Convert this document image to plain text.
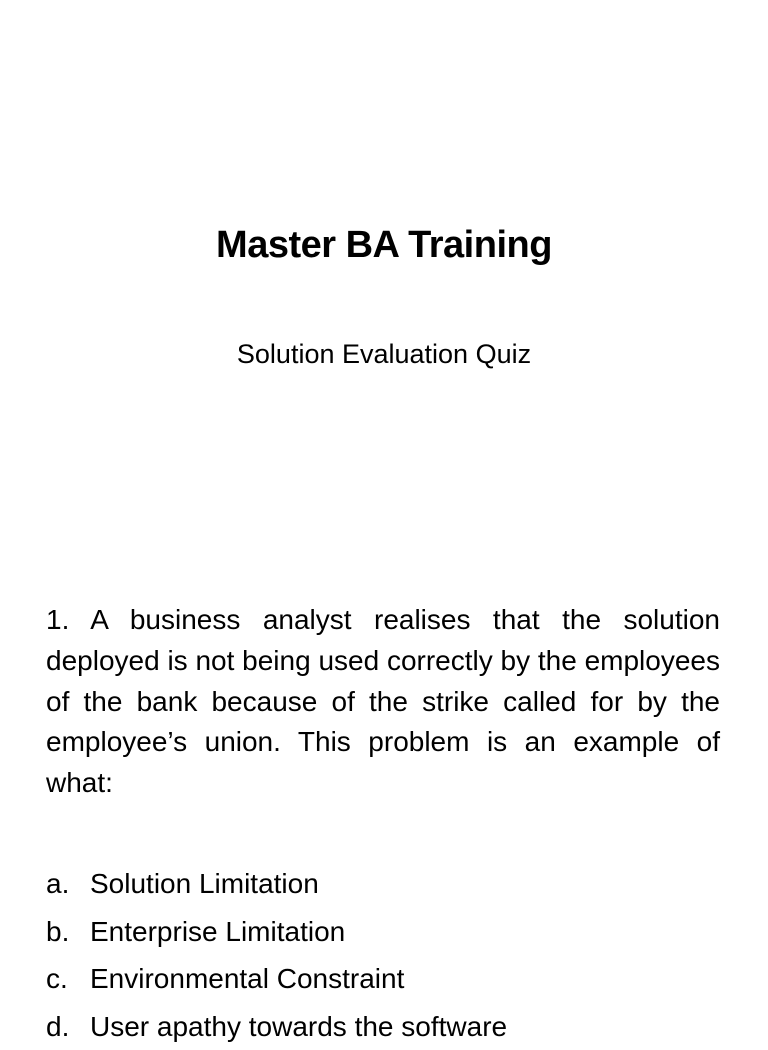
Master BA Training
Solution Evaluation Quiz

1. A business analyst realises that the solution deployed is not being used correctly by the employees of the bank because of the strike called for by the employee’s union. This problem is an example of what:

a. Solution Limitation
b. Enterprise Limitation
c. Environmental Constraint
d. User apathy towards the software
